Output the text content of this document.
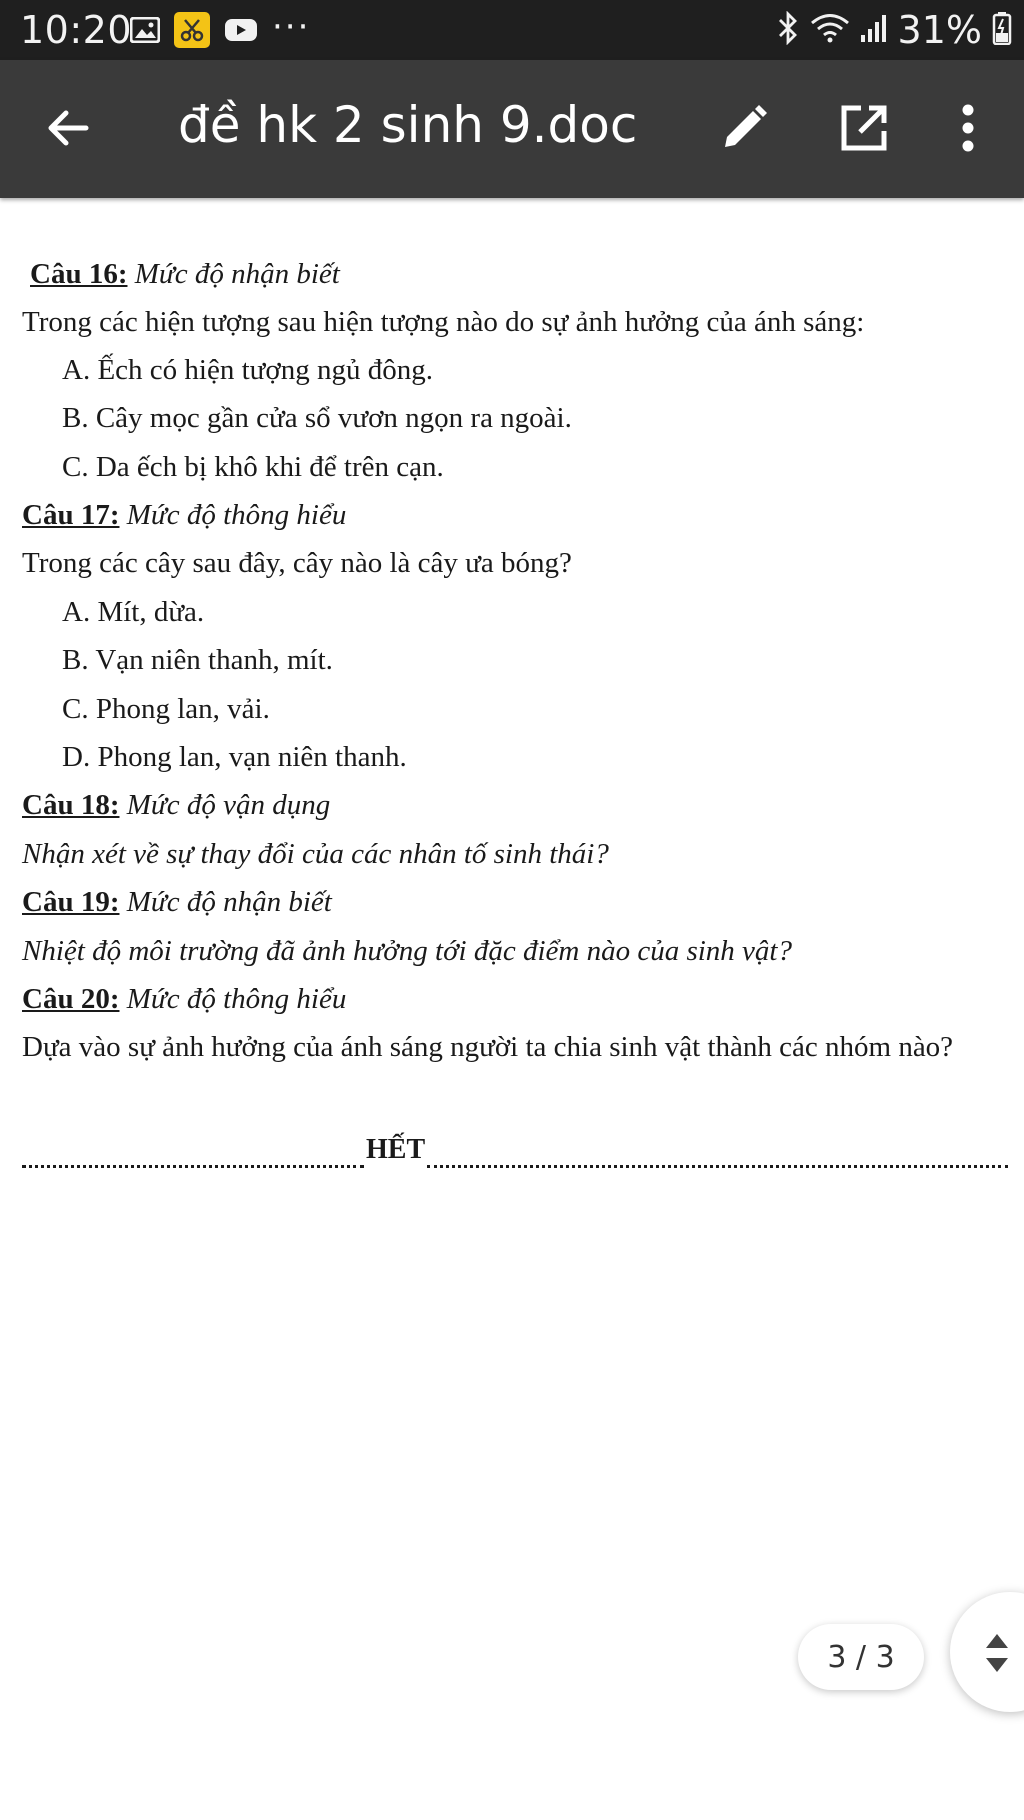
10:20	···	31%
đề hk 2 sinh 9.doc
Câu 16: Mức độ nhận biết
Trong các hiện tượng sau hiện tượng nào do sự ảnh hưởng của ánh sáng:
A. Ếch có hiện tượng ngủ đông.
B. Cây mọc gần cửa sổ vươn ngọn ra ngoài.
C. Da ếch bị khô khi để trên cạn.
Câu 17: Mức độ thông hiểu
Trong các cây sau đây, cây nào là cây ưa bóng?
A. Mít, dừa.
B. Vạn niên thanh, mít.
C. Phong lan, vải.
D. Phong lan, vạn niên thanh.
Câu 18: Mức độ vận dụng
Nhận xét về sự thay đổi của các nhân tố sinh thái?
Câu 19: Mức độ nhận biết
Nhiệt độ môi trường đã ảnh hưởng tới đặc điểm nào của sinh vật?
Câu 20: Mức độ thông hiểu
Dựa vào sự ảnh hưởng của ánh sáng người ta chia sinh vật thành các nhóm nào?
HẾT
3 / 3
